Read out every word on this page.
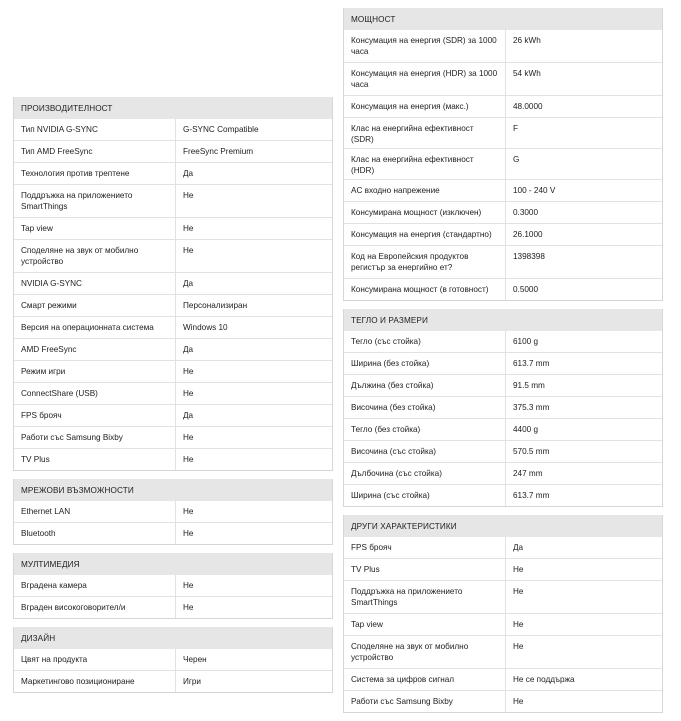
ПРОИЗВОДИТЕЛНОСТ
Тип NVIDIA G-SYNC	G-SYNC Compatible
Тип AMD FreeSync	FreeSync Premium
Технология против трептене	Да
Поддръжка на приложението SmartThings	Не
Tap view	Не
Споделяне на звук от мобилно устройство	Не
NVIDIA G-SYNC	Да
Смарт режими	Персонализиран
Версия на операционната система	Windows 10
AMD FreeSync	Да
Режим игри	Не
ConnectShare (USB)	Не
FPS брояч	Да
Работи със Samsung Bixby	Не
TV Plus	Не
МРЕЖОВИ ВЪЗМОЖНОСТИ
Ethernet LAN	Не
Bluetooth	Не
МУЛТИМЕДИЯ
Вградена камера	Не
Вграден високоговорител/и	Не
ДИЗАЙН
Цвят на продукта	Черен
Маркетингово позициониране	Игри
МОЩНОСТ
Консумация на енергия (SDR) за 1000 часа	26 kWh
Консумация на енергия (HDR) за 1000 часа	54 kWh
Консумация на енергия (макс.)	48.0000
Клас на енергийна ефективност (SDR)	F
Клас на енергийна ефективност (HDR)	G
AC входно напрежение	100 - 240 V
Консумирана мощност (изключен)	0.3000
Консумация на енергия (стандартно)	26.1000
Код на Европейския продуктов регистър за енергийно ет?	1398398
Консумирана мощност (в готовност)	0.5000
ТЕГЛО И РАЗМЕРИ
Тегло (със стойка)	6100 g
Ширина (без стойка)	613.7 mm
Дължина (без стойка)	91.5 mm
Височина (без стойка)	375.3 mm
Тегло (без стойка)	4400 g
Височина (със стойка)	570.5 mm
Дълбочина (със стойка)	247 mm
Ширина (със стойка)	613.7 mm
ДРУГИ ХАРАКТЕРИСТИКИ
FPS брояч	Да
TV Plus	Не
Поддръжка на приложението SmartThings	Не
Tap view	Не
Споделяне на звук от мобилно устройство	Не
Система за цифров сигнал	Не се поддържа
Работи със Samsung Bixby	Не
